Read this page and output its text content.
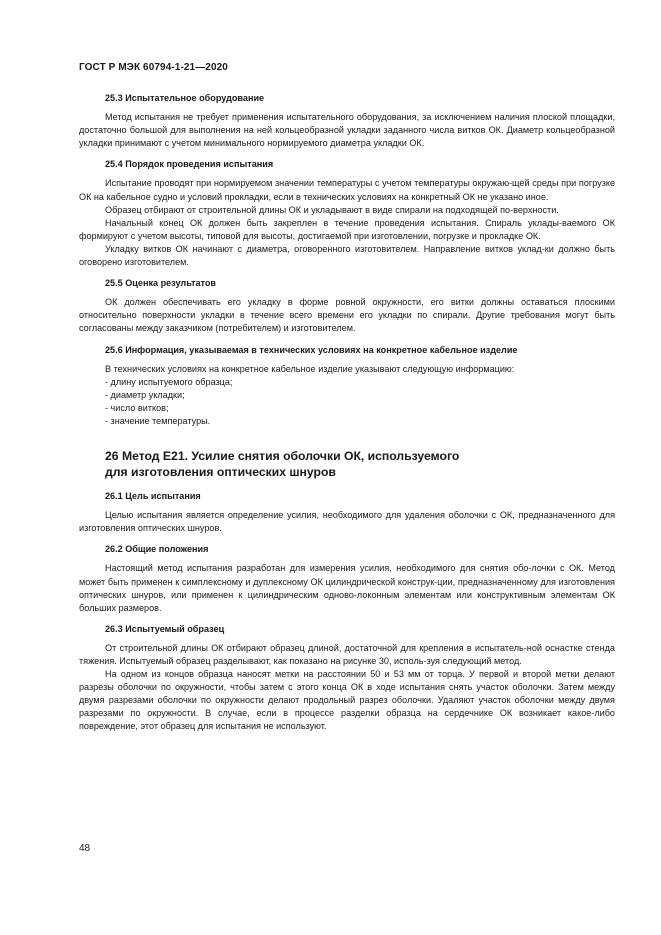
ГОСТ Р МЭК 60794-1-21—2020
25.3 Испытательное оборудование

Метод испытания не требует применения испытательного оборудования, за исключением наличия плоской площадки, достаточно большой для выполнения на ней кольцеобразной укладки заданного числа витков ОК. Диаметр кольцеобразной укладки принимают с учетом минимального нормируемого диаметра укладки ОК.

25.4 Порядок проведения испытания

Испытание проводят при нормируемом значении температуры с учетом температуры окружаю-щей среды при погрузке ОК на кабельное судно и условий прокладки, если в технических условиях на конкретный ОК не указано иное.

Образец отбирают от строительной длины ОК и укладывают в виде спирали на подходящей по-верхности.

Начальный конец ОК должен быть закреплен в течение проведения испытания. Спираль уклады-ваемого ОК формируют с учетом высоты, типовой для высоты, достигаемой при изготовлении, погрузке и прокладке ОК.

Укладку витков ОК начинают с диаметра, оговоренного изготовителем. Направление витков уклад-ки должно быть оговорено изготовителем.

25.5 Оценка результатов

ОК должен обеспечивать его укладку в форме ровной окружности, его витки должны оставаться плоскими относительно поверхности укладки в течение всего времени его укладки по спирали. Другие требования могут быть согласованы между заказчиком (потребителем) и изготовителем.

25.6 Информация, указываемая в технических условиях на конкретное кабельное изделие

В технических условиях на конкретное кабельное изделие указывают следующую информацию:

- длину испытуемого образца;
- диаметр укладки;
- число витков;
- значение температуры.
26 Метод Е21. Усилие снятия оболочки ОК, используемого
для изготовления оптических шнуров
26.1 Цель испытания

Целью испытания является определение усилия, необходимого для удаления оболочки с ОК, предназначенного для изготовления оптических шнуров.

26.2 Общие положения

Настоящий метод испытания разработан для измерения усилия, необходимого для снятия обо-лочки с ОК. Метод может быть применен к симплексному и дуплексному ОК цилиндрической конструк-ции, предназначенному для изготовления оптических шнуров, или применен к цилиндрическим одново-локонным элементам или конструктивным элементам ОК больших размеров.

26.3 Испытуемый образец

От строительной длины ОК отбирают образец длиной, достаточной для крепления в испытатель-ной оснастке стенда тяжения. Испытуемый образец разделывают, как показано на рисунке 30, исполь-зуя следующий метод.

На одном из концов образца наносят метки на расстоянии 50 и 53 мм от торца. У первой и второй метки делают разрезы оболочки по окружности, чтобы затем с этого конца ОК в ходе испытания снять участок оболочки. Затем между двумя разрезами оболочки по окружности делают продольный разрез оболочки. Удаляют участок оболочки между двумя разрезами по окружности. В случае, если в процессе разделки образца на сердечнике ОК возникает какое-либо повреждение, этот образец для испытания не используют.

48
